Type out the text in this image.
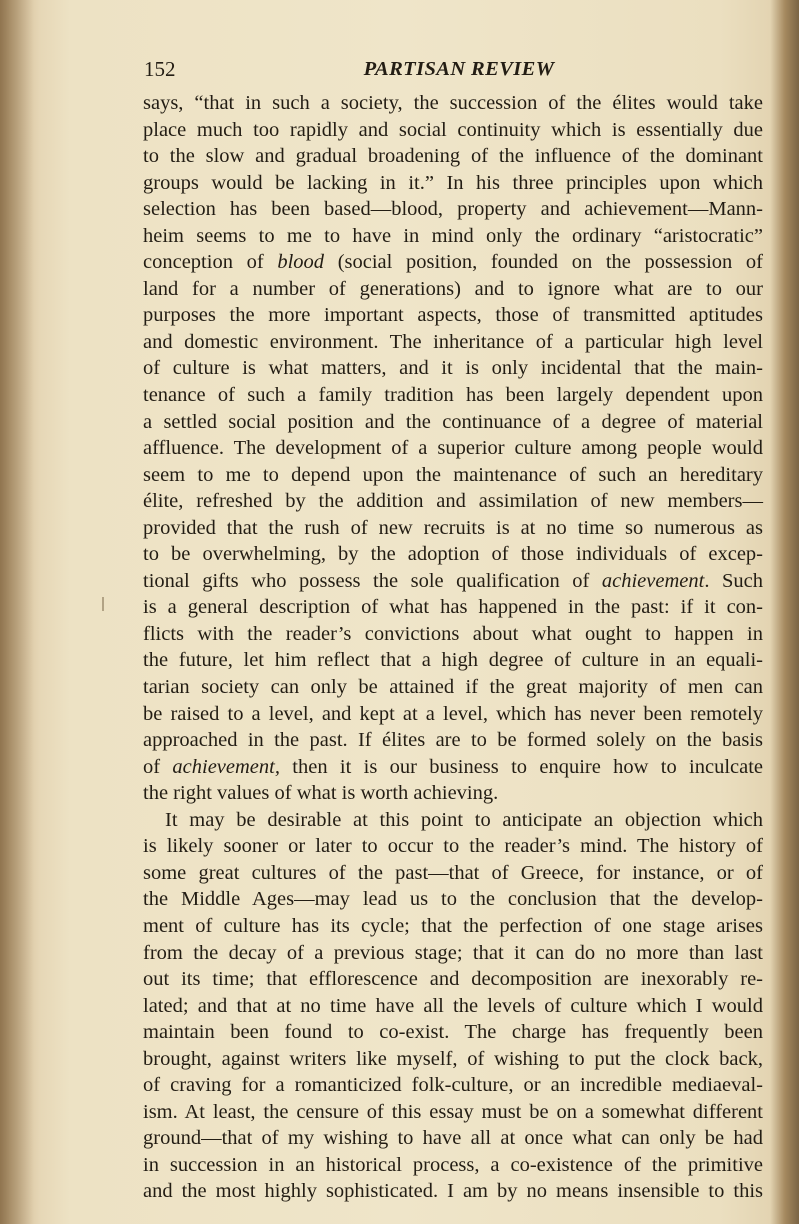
152	PARTISAN REVIEW
says, “that in such a society, the succession of the élites would take
place much too rapidly and social continuity which is essentially due
to the slow and gradual broadening of the influence of the dominant
groups would be lacking in it.” In his three principles upon which
selection has been based—blood, property and achievement—Mann-
heim seems to me to have in mind only the ordinary “aristocratic”
conception of blood (social position, founded on the possession of
land for a number of generations) and to ignore what are to our
purposes the more important aspects, those of transmitted aptitudes
and domestic environment. The inheritance of a particular high level
of culture is what matters, and it is only incidental that the main-
tenance of such a family tradition has been largely dependent upon
a settled social position and the continuance of a degree of material
affluence. The development of a superior culture among people would
seem to me to depend upon the maintenance of such an hereditary
élite, refreshed by the addition and assimilation of new members—
provided that the rush of new recruits is at no time so numerous as
to be overwhelming, by the adoption of those individuals of excep-
tional gifts who possess the sole qualification of achievement. Such
is a general description of what has happened in the past: if it con-
flicts with the reader’s convictions about what ought to happen in
the future, let him reflect that a high degree of culture in an equali-
tarian society can only be attained if the great majority of men can
be raised to a level, and kept at a level, which has never been remotely
approached in the past. If élites are to be formed solely on the basis
of achievement, then it is our business to enquire how to inculcate
the right values of what is worth achieving.
It may be desirable at this point to anticipate an objection which
is likely sooner or later to occur to the reader’s mind. The history of
some great cultures of the past—that of Greece, for instance, or of
the Middle Ages—may lead us to the conclusion that the develop-
ment of culture has its cycle; that the perfection of one stage arises
from the decay of a previous stage; that it can do no more than last
out its time; that efflorescence and decomposition are inexorably re-
lated; and that at no time have all the levels of culture which I would
maintain been found to co-exist. The charge has frequently been
brought, against writers like myself, of wishing to put the clock back,
of craving for a romanticized folk-culture, or an incredible mediaeval-
ism. At least, the censure of this essay must be on a somewhat different
ground—that of my wishing to have all at once what can only be had
in succession in an historical process, a co-existence of the primitive
and the most highly sophisticated. I am by no means insensible to this
